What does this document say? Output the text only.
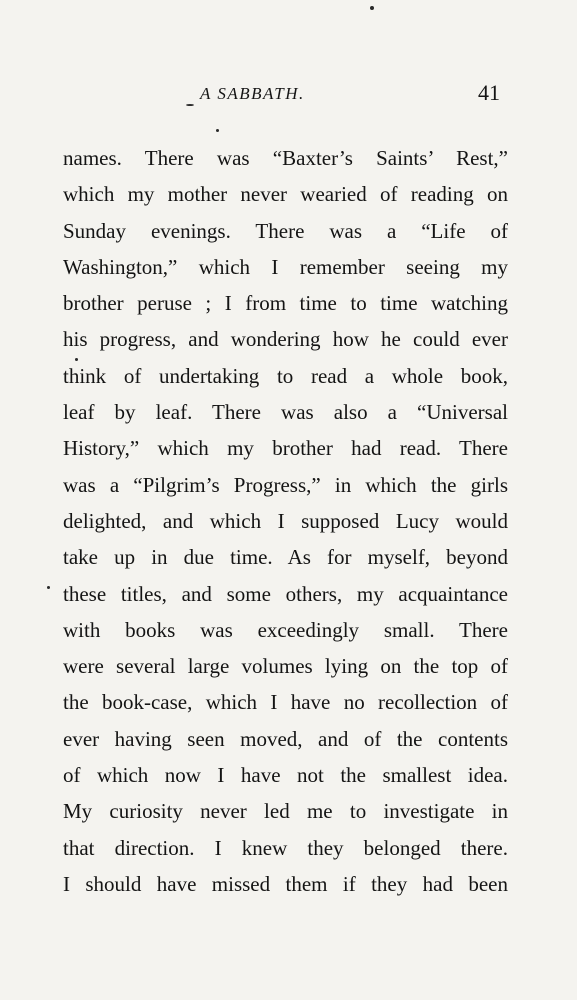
A SABBATH.	41
names. There was “Baxter’s Saints’ Rest,”
which my mother never wearied of reading on
Sunday evenings. There was a “Life of
Washington,” which I remember seeing my
brother peruse ; I from time to time watching
his progress, and wondering how he could ever
think of undertaking to read a whole book,
leaf by leaf. There was also a “Universal
History,” which my brother had read. There
was a “Pilgrim’s Progress,” in which the girls
delighted, and which I supposed Lucy would
take up in due time. As for myself, beyond
these titles, and some others, my acquaintance
with books was exceedingly small. There
were several large volumes lying on the top of
the book-case, which I have no recollection of
ever having seen moved, and of the contents
of which now I have not the smallest idea.
My curiosity never led me to investigate in
that direction. I knew they belonged there.
I should have missed them if they had been
